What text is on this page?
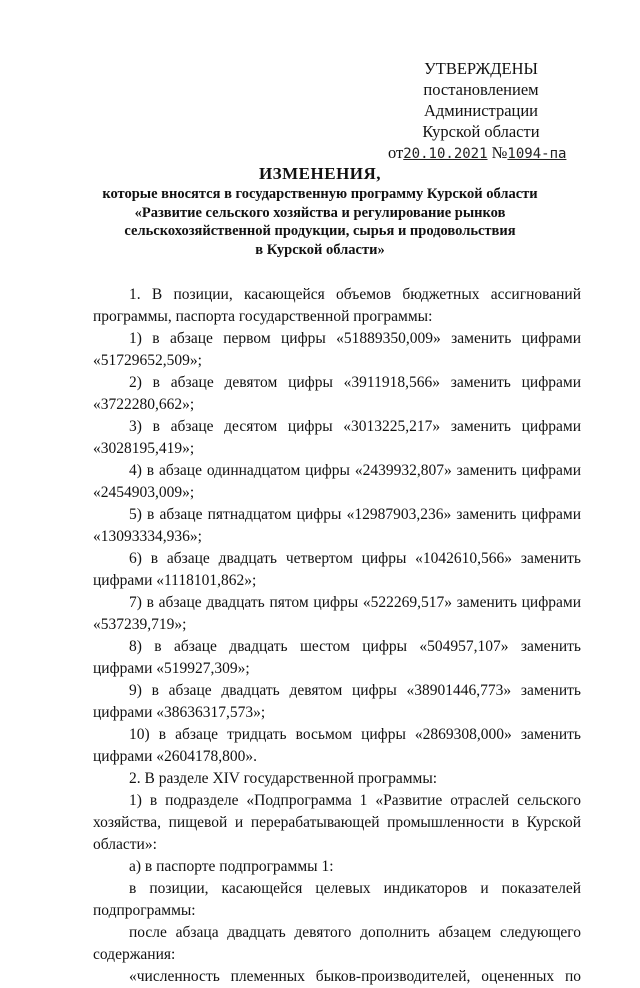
УТВЕРЖДЕНЫ
постановлением Администрации
Курской области
от20.10.2021 №1094-па
ИЗМЕНЕНИЯ,
которые вносятся в государственную программу Курской области
«Развитие сельского хозяйства и регулирование рынков
сельскохозяйственной продукции, сырья и продовольствия
в Курской области»

1. В позиции, касающейся объемов бюджетных ассигнований программы, паспорта государственной программы:

1) в абзаце первом цифры «51889350,009» заменить цифрами «51729652,509»;

2) в абзаце девятом цифры «3911918,566» заменить цифрами «3722280,662»;

3) в абзаце десятом цифры «3013225,217» заменить цифрами «3028195,419»;

4) в абзаце одиннадцатом цифры «2439932,807» заменить цифрами «2454903,009»;

5) в абзаце пятнадцатом цифры «12987903,236» заменить цифрами «13093334,936»;

6) в абзаце двадцать четвертом цифры «1042610,566» заменить цифрами «1118101,862»;

7) в абзаце двадцать пятом цифры «522269,517» заменить цифрами «537239,719»;

8) в абзаце двадцать шестом цифры «504957,107» заменить цифрами «519927,309»;

9) в абзаце двадцать девятом цифры «38901446,773» заменить цифрами «38636317,573»;

10) в абзаце тридцать восьмом цифры «2869308,000» заменить цифрами «2604178,800».

2. В разделе XIV государственной программы:

1) в подразделе «Подпрограмма 1 «Развитие отраслей сельского хозяйства, пищевой и перерабатывающей промышленности в Курской области»:

а) в паспорте подпрограммы 1:

в позиции, касающейся целевых индикаторов и показателей подпрограммы:

после абзаца двадцать девятого дополнить абзацем следующего содержания:

«численность племенных быков-производителей, оцененных по
